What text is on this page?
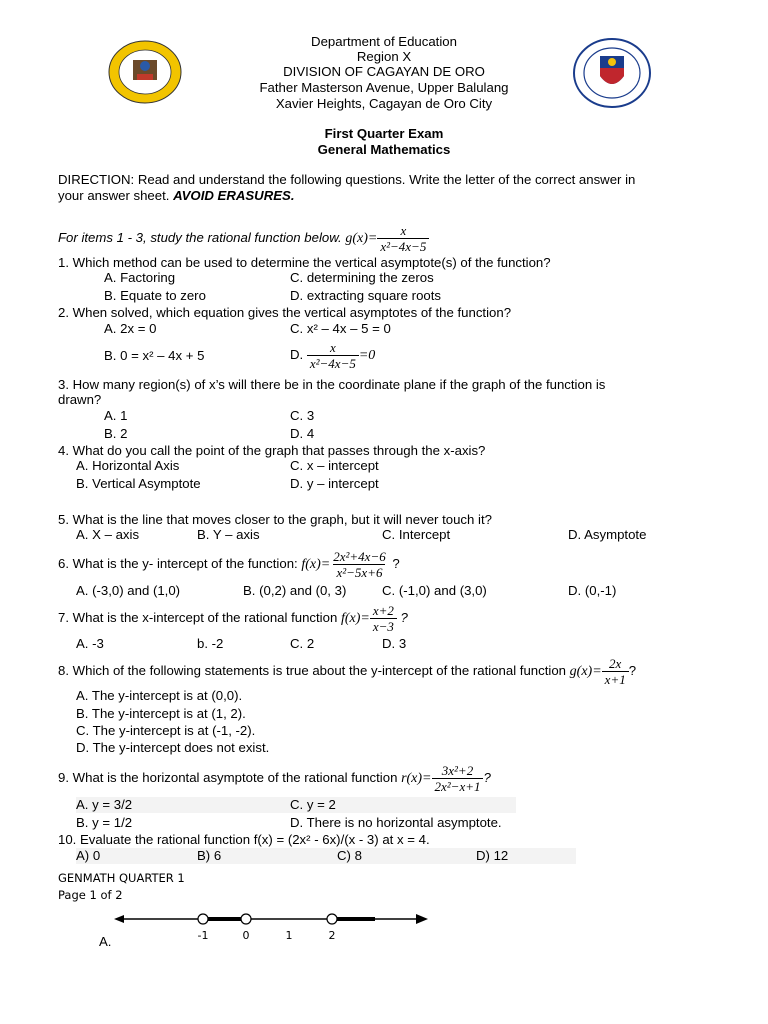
Department of Education
Region X
DIVISION OF CAGAYAN DE ORO
Father Masterson Avenue, Upper Balulang
Xavier Heights, Cagayan de Oro City
First Quarter Exam
General Mathematics
DIRECTION: Read and understand the following questions. Write the letter of the correct answer in
your answer sheet. AVOID ERASURES.
For items 1 - 3, study the rational function below. $g(x)= \frac{x}{\text{x²−4x−5}}$
1. Which method can be used to determine the vertical asymptote(s) of the function?
A. Factoring	C. determining the zeros
B. Equate to zero	D. extracting square roots
2. When solved, which equation gives the vertical asymptotes of the function?
A. 2x = 0	C. x² – 4x – 5 = 0
B. 0 = x² – 4x + 5	D. $\frac{x}{\text{x²−4x−5}} =0$
3. How many region(s) of x’s will there be in the coordinate plane if the graph of the function is
drawn?
A. 1	C. 3
B. 2	D. 4
4. What do you call the point of the graph that passes through the x-axis?
A. Horizontal Axis	C. x – intercept
B. Vertical Asymptote	D. y – intercept
5. What is the line that moves closer to the graph, but it will never touch it?
A. X – axis	B. Y – axis	C. Intercept	D. Asymptote
6. What is the y- intercept of the function: $f(x)= \frac{\text{2x²+4x−6}}{\text{x²−5x+6}}$ ?
A. (-3,0) and (1,0)	B. (0,2) and (0, 3)	C. (-1,0) and (3,0)	D. (0,-1)
7. What is the x-intercept of the rational function $f(x)= \frac{x+2}{x-3}$ ?
A. -3	b. -2	C. 2	D. 3
8. Which of the following statements is true about the y-intercept of the rational function $g(x)= \frac{2x}{x+1}$ ?
A. The y-intercept is at (0,0).
B. The y-intercept is at (1, 2).
C. The y-intercept is at (-1, -2).
D. The y-intercept does not exist.
9. What is the horizontal asymptote of the rational function $r(x)= \frac{\text{3x²+2}}{\text{2x²−x+1}}$ ?
A. y = 3/2	C. y = 2
B. y = 1/2	D. There is no horizontal asymptote.
10. Evaluate the rational function f(x) = (2x² - 6x)/(x - 3) at x = 4.
A) 0	B) 6	C) 8	D) 12
GENMATH QUARTER 1
Page 1 of 2
A.	-1	0	1	2
